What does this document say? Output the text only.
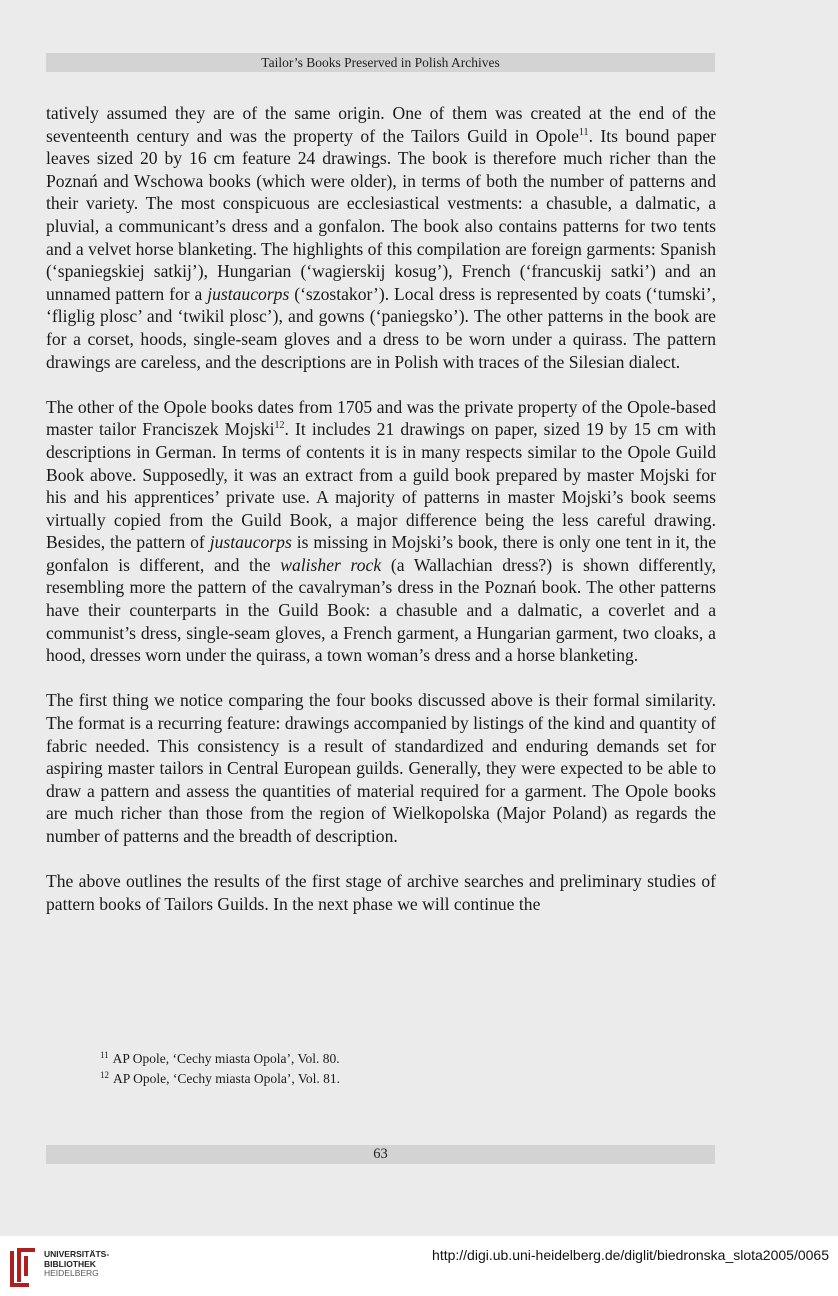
Tailor’s Books Preserved in Polish Archives

tatively assumed they are of the same origin. One of them was created at the end of the seventeenth century and was the property of the Tailors Guild in Opole$^{11}$. Its bound paper leaves sized 20 by 16 cm feature 24 drawings. The book is therefore much richer than the Poznań and Wschowa books (which were older), in terms of both the number of patterns and their variety. The most conspicuous are ecclesiastical vestments: a chasuble, a dalmatic, a pluvial, a communicant’s dress and a gonfalon. The book also contains patterns for two tents and a velvet horse blanketing. The highlights of this compilation are foreign garments: Spanish (‘spaniegskiej satkij’), Hungarian (‘wagierskij kosug’), French (‘francuskij satki’) and an unnamed pattern for a justaucorps (‘szostakor’). Local dress is represented by coats (‘tumski’, ‘fliglig plosc’ and ‘twikil plosc’), and gowns (‘paniegsko’). The other patterns in the book are for a corset, hoods, single-seam gloves and a dress to be worn under a quirass. The pattern drawings are careless, and the descriptions are in Polish with traces of the Silesian dialect.

The other of the Opole books dates from 1705 and was the private property of the Opole-based master tailor Franciszek Mojski$^{12}$. It includes 21 drawings on paper, sized 19 by 15 cm with descriptions in German. In terms of contents it is in many respects similar to the Opole Guild Book above. Supposedly, it was an extract from a guild book prepared by master Mojski for his and his apprentices’ private use. A majority of patterns in master Mojski’s book seems virtually copied from the Guild Book, a major difference being the less careful drawing. Besides, the pattern of justaucorps is missing in Mojski’s book, there is only one tent in it, the gonfalon is different, and the walisher rock (a Wallachian dress?) is shown differently, resembling more the pattern of the cavalryman’s dress in the Poznań book. The other patterns have their counterparts in the Guild Book: a chasuble and a dalmatic, a coverlet and a communist’s dress, single-seam gloves, a French garment, a Hungarian garment, two cloaks, a hood, dresses worn under the quirass, a town woman’s dress and a horse blanketing.

The first thing we notice comparing the four books discussed above is their formal similarity. The format is a recurring feature: drawings accompanied by listings of the kind and quantity of fabric needed. This consistency is a result of standardized and enduring demands set for aspiring master tailors in Central European guilds. Generally, they were expected to be able to draw a pattern and assess the quantities of material required for a garment. The Opole books are much richer than those from the region of Wielkopolska (Major Poland) as regards the number of patterns and the breadth of description.

The above outlines the results of the first stage of archive searches and preliminary studies of pattern books of Tailors Guilds. In the next phase we will continue the

$^{11}$ AP Opole, ‘Cechy miasta Opola’, Vol. 80.
$^{12}$ AP Opole, ‘Cechy miasta Opola’, Vol. 81.
63
UNIVERSITÄTS-
BIBLIOTHEK
HEIDELBERG
http://digi.ub.uni-heidelberg.de/diglit/biedronska_slota2005/0065
